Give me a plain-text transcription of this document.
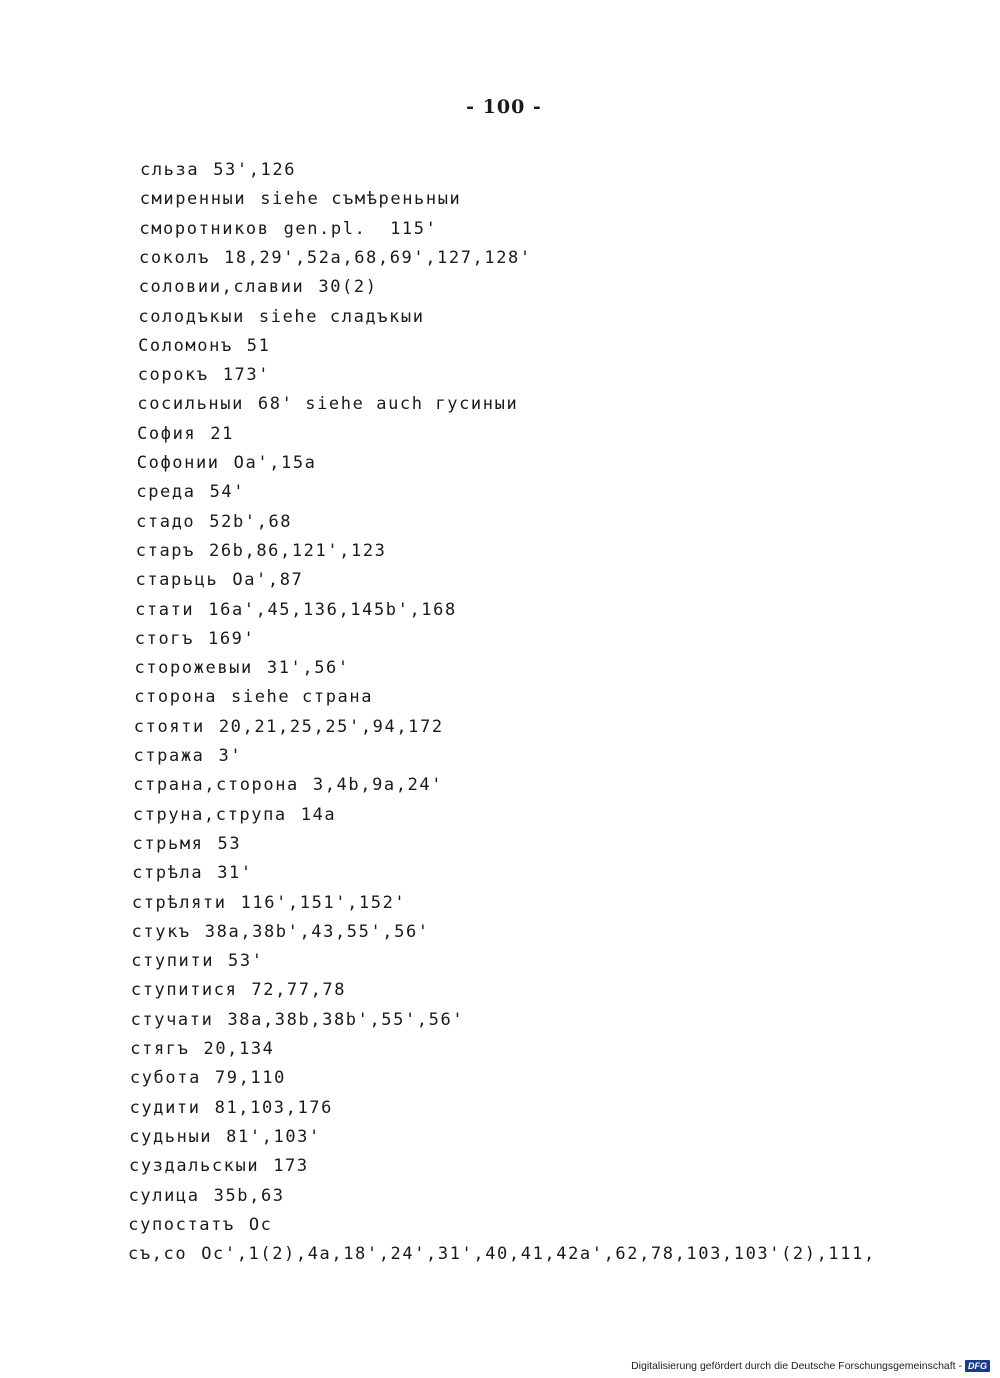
- 100 -
сльза 53',126
смиренныи siehe съмѣреньныи
сморотников gen.pl.  115'
соколъ 18,29',52a,68,69',127,128'
соловии,славии 30(2)
солодъкыи siehe сладъкыи
Соломонъ 51
сорокъ 173'
сосильныи 68' siehe auch гусиныи
София 21
Софонии Oa',15a
среда 54'
стадо 52b',68
старъ 26b,86,121',123
старьць Oa',87
стати 16a',45,136,145b',168
стогъ 169'
сторожевыи 31',56'
сторона siehe страна
стояти 20,21,25,25',94,172
стража 3'
страна,сторона 3,4b,9a,24'
струна,струпа 14a
стрьмя 53
стрѣла 31'
стрѣляти 116',151',152'
стукъ 38a,38b',43,55',56'
ступити 53'
ступитися 72,77,78
стучати 38a,38b,38b',55',56'
стягъ 20,134
субота 79,110
судити 81,103,176
судьныи 81',103'
суздальскыи 173
сулица 35b,63
супостатъ Oc
съ,со Oc',1(2),4a,18',24',31',40,41,42a',62,78,103,103'(2),111,
Digitalisierung gefördert durch die Deutsche Forschungsgemeinschaft - DFG
